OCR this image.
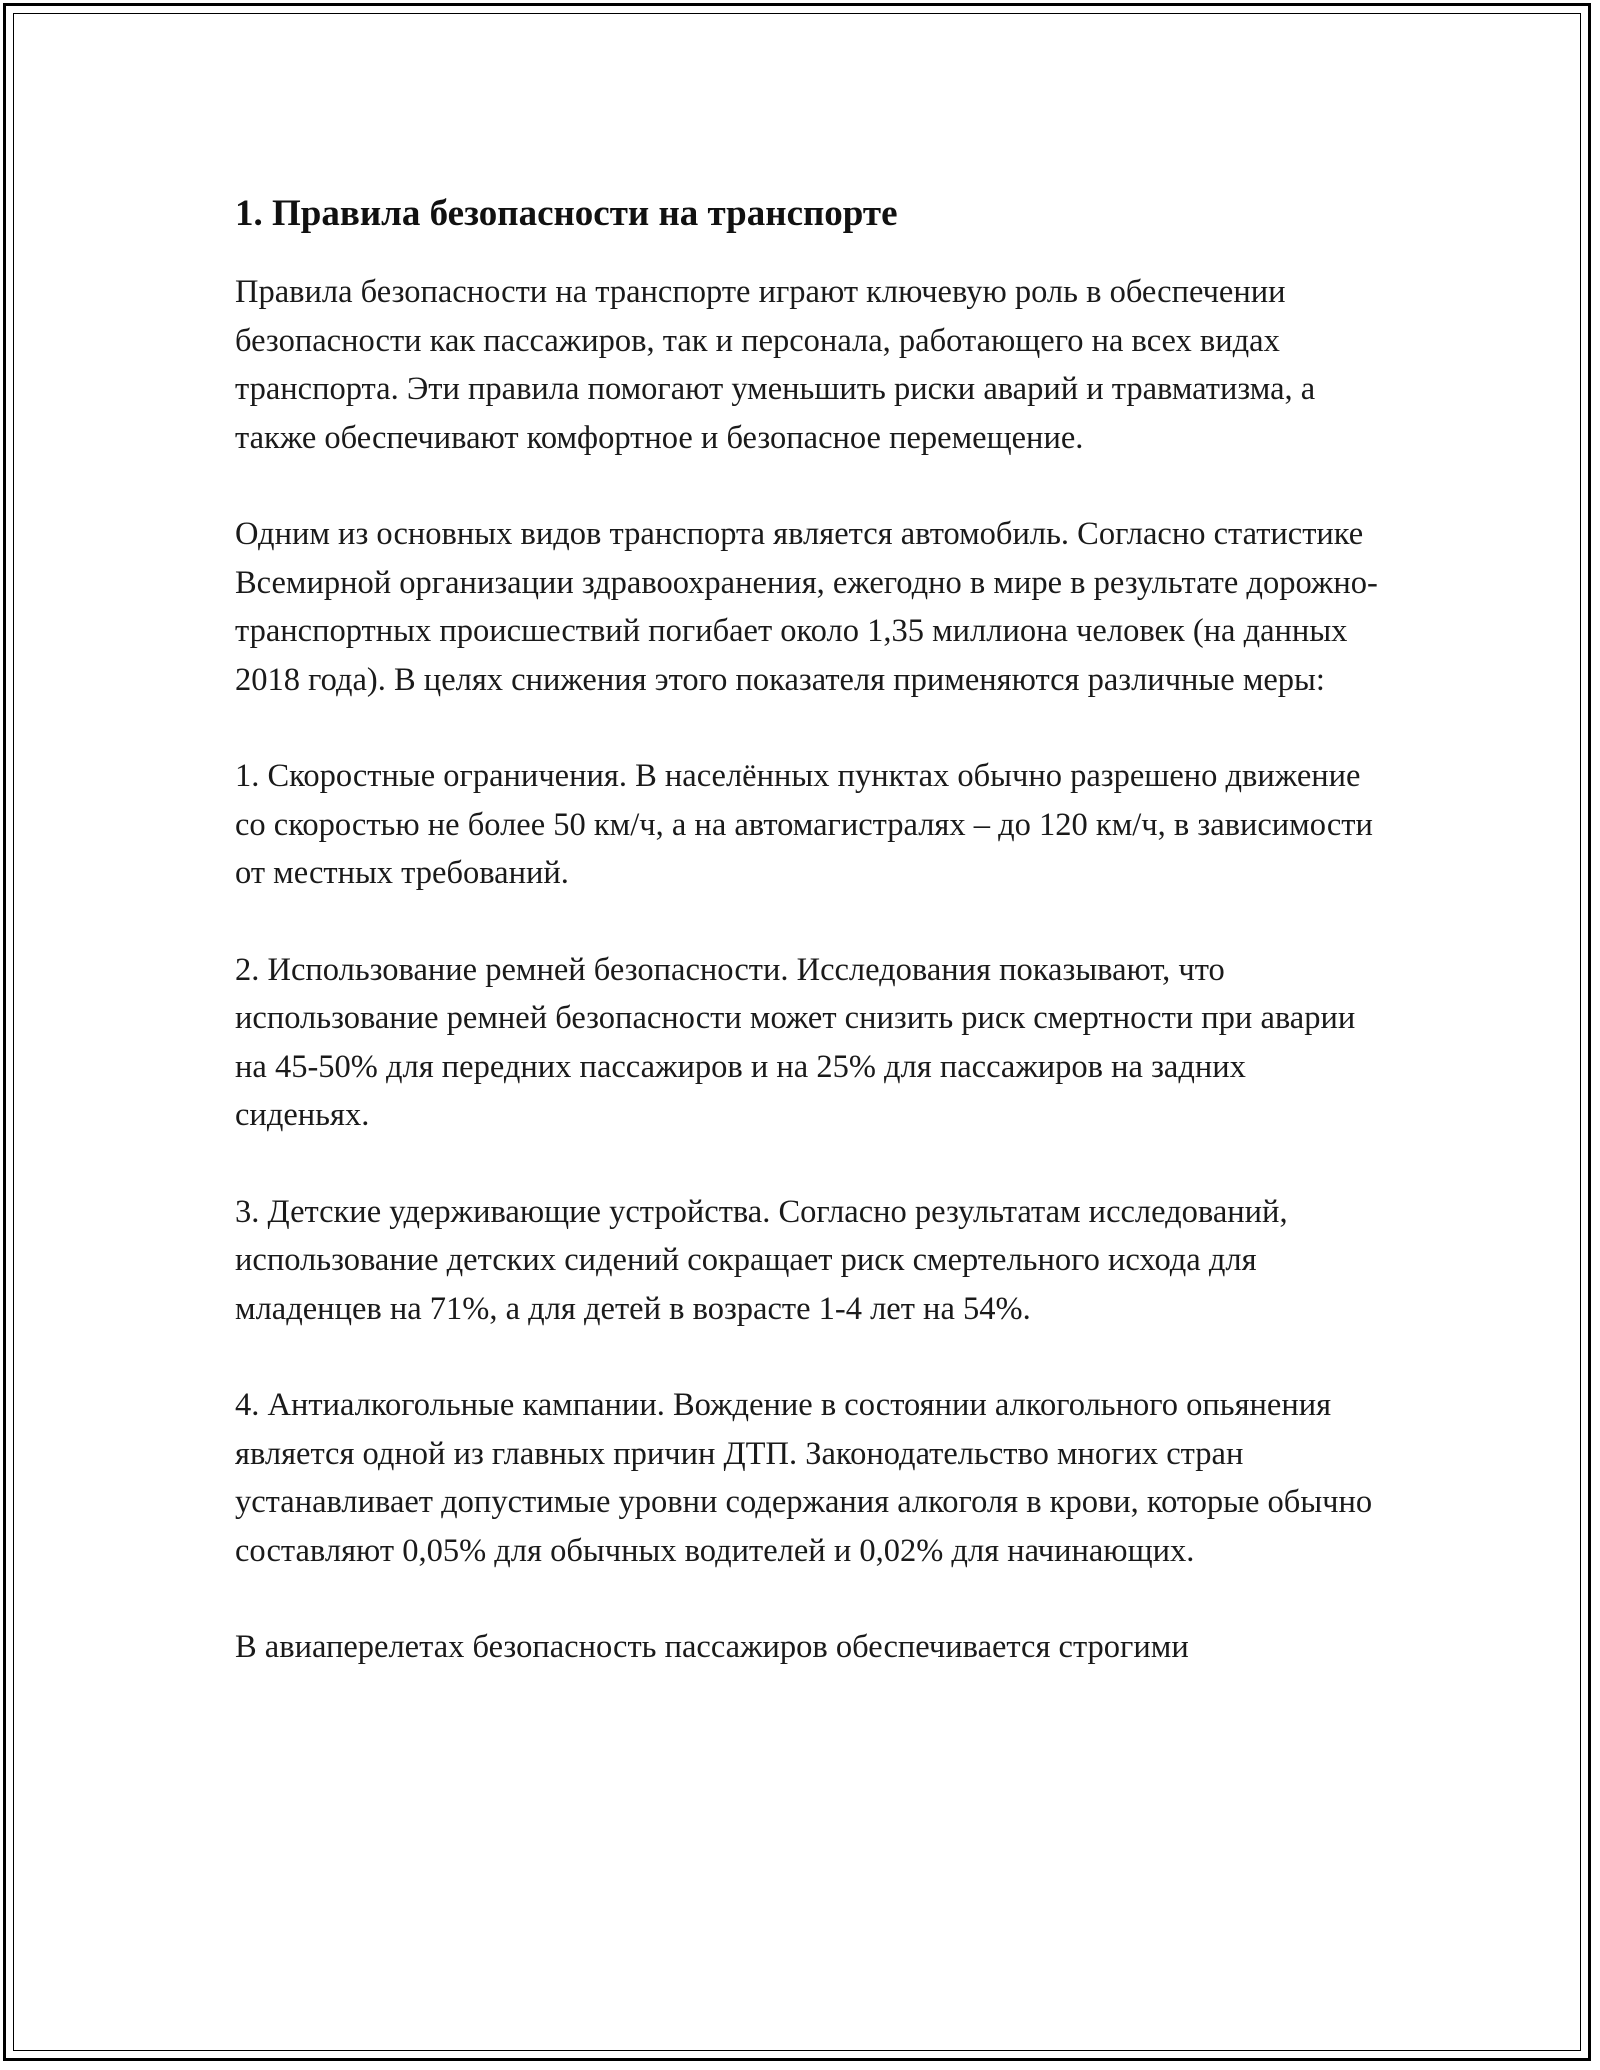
1. Правила безопасности на транспорте

Правила безопасности на транспорте играют ключевую роль в обеспечении безопасности как пассажиров, так и персонала, работающего на всех видах транспорта. Эти правила помогают уменьшить риски аварий и травматизма, а также обеспечивают комфортное и безопасное перемещение.

Одним из основных видов транспорта является автомобиль. Согласно статистике Всемирной организации здравоохранения, ежегодно в мире в результате дорожно-транспортных происшествий погибает около 1,35 миллиона человек (на данных 2018 года). В целях снижения этого показателя применяются различные меры:

1. Скоростные ограничения. В населённых пунктах обычно разрешено движение со скоростью не более 50 км/ч, а на автомагистралях – до 120 км/ч, в зависимости от местных требований.

2. Использование ремней безопасности. Исследования показывают, что использование ремней безопасности может снизить риск смертности при аварии на 45-50% для передних пассажиров и на 25% для пассажиров на задних сиденьях.

3. Детские удерживающие устройства. Согласно результатам исследований, использование детских сидений сокращает риск смертельного исхода для младенцев на 71%, а для детей в возрасте 1-4 лет на 54%.

4. Антиалкогольные кампании. Вождение в состоянии алкогольного опьянения является одной из главных причин ДТП. Законодательство многих стран устанавливает допустимые уровни содержания алкоголя в крови, которые обычно составляют 0,05% для обычных водителей и 0,02% для начинающих.

В авиаперелетах безопасность пассажиров обеспечивается строгими
